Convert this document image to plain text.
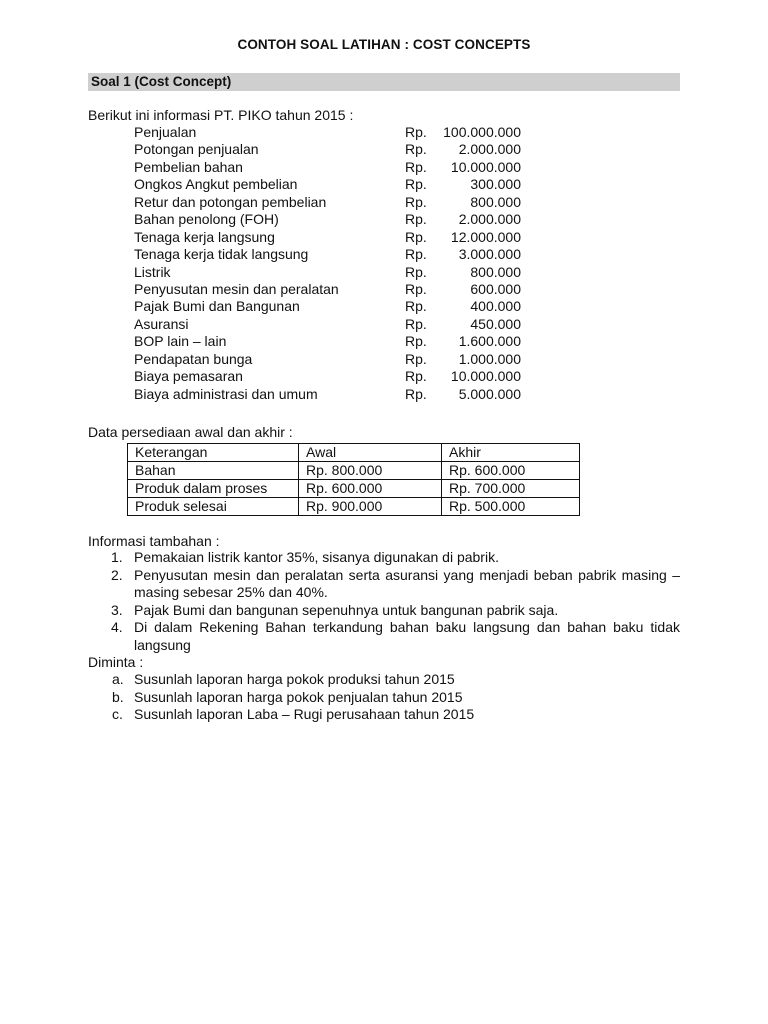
CONTOH SOAL LATIHAN : COST CONCEPTS
Soal 1 (Cost Concept)
Berikut ini informasi PT. PIKO tahun 2015 :
Penjualan	Rp.	100.000.000
Potongan penjualan	Rp.	2.000.000
Pembelian bahan	Rp.	10.000.000
Ongkos Angkut pembelian	Rp.	300.000
Retur dan potongan pembelian	Rp.	800.000
Bahan penolong (FOH)	Rp.	2.000.000
Tenaga kerja langsung	Rp.	12.000.000
Tenaga kerja tidak langsung	Rp.	3.000.000
Listrik	Rp.	800.000
Penyusutan mesin dan peralatan	Rp.	600.000
Pajak Bumi dan Bangunan	Rp.	400.000
Asuransi	Rp.	450.000
BOP lain – lain	Rp.	1.600.000
Pendapatan bunga	Rp.	1.000.000
Biaya pemasaran	Rp.	10.000.000
Biaya administrasi dan umum	Rp.	5.000.000
Data persediaan awal dan akhir :
Keterangan	Awal	Akhir
Bahan	Rp. 800.000	Rp. 600.000
Produk dalam proses	Rp. 600.000	Rp. 700.000
Produk selesai	Rp. 900.000	Rp. 500.000
Informasi tambahan :
1. Pemakaian listrik kantor 35%, sisanya digunakan di pabrik.
2. Penyusutan mesin dan peralatan serta asuransi yang menjadi beban pabrik masing – masing sebesar 25% dan 40%.
3. Pajak Bumi dan bangunan sepenuhnya untuk bangunan pabrik saja.
4. Di dalam Rekening Bahan terkandung bahan baku langsung dan bahan baku tidak langsung
Diminta :
a. Susunlah laporan harga pokok produksi tahun 2015
b. Susunlah laporan harga pokok penjualan tahun 2015
c. Susunlah laporan Laba – Rugi perusahaan tahun 2015
